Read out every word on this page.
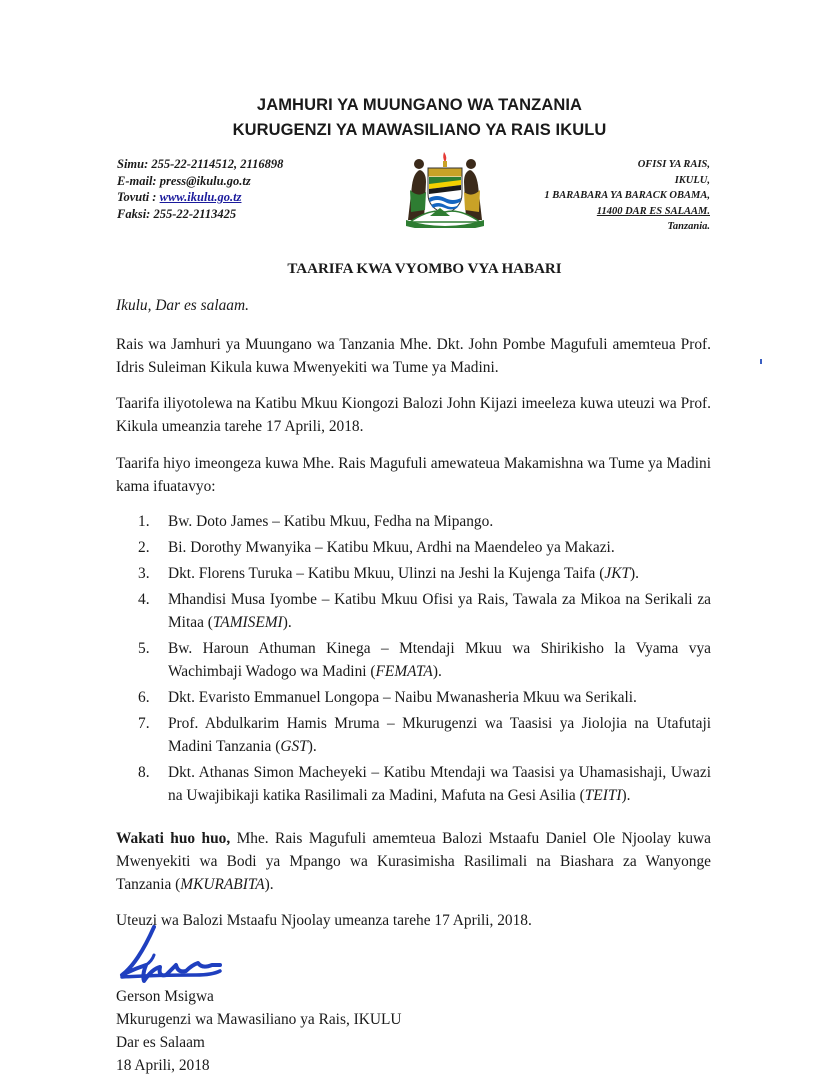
JAMHURI YA MUUNGANO WA TANZANIA
KURUGENZI YA MAWASILIANO YA RAIS IKULU
Simu: 255-22-2114512, 2116898
E-mail: press@ikulu.go.tz
Tovuti : www.ikulu.go.tz
Faksi: 255-22-2113425
OFISI YA RAIS,
IKULU,
1 BARABARA YA BARACK OBAMA,
11400 DAR ES SALAAM.
Tanzania.
TAARIFA KWA VYOMBO VYA HABARI
Ikulu, Dar es salaam.
Rais wa Jamhuri ya Muungano wa Tanzania Mhe. Dkt. John Pombe Magufuli amemteua Prof. Idris Suleiman Kikula kuwa Mwenyekiti wa Tume ya Madini.
Taarifa iliyotolewa na Katibu Mkuu Kiongozi Balozi John Kijazi imeeleza kuwa uteuzi wa Prof. Kikula umeanzia tarehe 17 Aprili, 2018.
Taarifa hiyo imeongeza kuwa Mhe. Rais Magufuli amewateua Makamishna wa Tume ya Madini kama ifuatavyo:
1. Bw. Doto James – Katibu Mkuu, Fedha na Mipango.
2. Bi. Dorothy Mwanyika – Katibu Mkuu, Ardhi na Maendeleo ya Makazi.
3. Dkt. Florens Turuka – Katibu Mkuu, Ulinzi na Jeshi la Kujenga Taifa (JKT).
4. Mhandisi Musa Iyombe – Katibu Mkuu Ofisi ya Rais, Tawala za Mikoa na Serikali za Mitaa (TAMISEMI).
5. Bw. Haroun Athuman Kinega – Mtendaji Mkuu wa Shirikisho la Vyama vya Wachimbaji Wadogo wa Madini (FEMATA).
6. Dkt. Evaristo Emmanuel Longopa – Naibu Mwanasheria Mkuu wa Serikali.
7. Prof. Abdulkarim Hamis Mruma – Mkurugenzi wa Taasisi ya Jiolojia na Utafutaji Madini Tanzania (GST).
8. Dkt. Athanas Simon Macheyeki – Katibu Mtendaji wa Taasisi ya Uhamasishaji, Uwazi na Uwajibikaji katika Rasilimali za Madini, Mafuta na Gesi Asilia (TEITI).
Wakati huo huo, Mhe. Rais Magufuli amemteua Balozi Mstaafu Daniel Ole Njoolay kuwa Mwenyekiti wa Bodi ya Mpango wa Kurasimisha Rasilimali na Biashara za Wanyonge Tanzania (MKURABITA).
Uteuzi wa Balozi Mstaafu Njoolay umeanza tarehe 17 Aprili, 2018.
Gerson Msigwa
Mkurugenzi wa Mawasiliano ya Rais, IKULU
Dar es Salaam
18 Aprili, 2018
